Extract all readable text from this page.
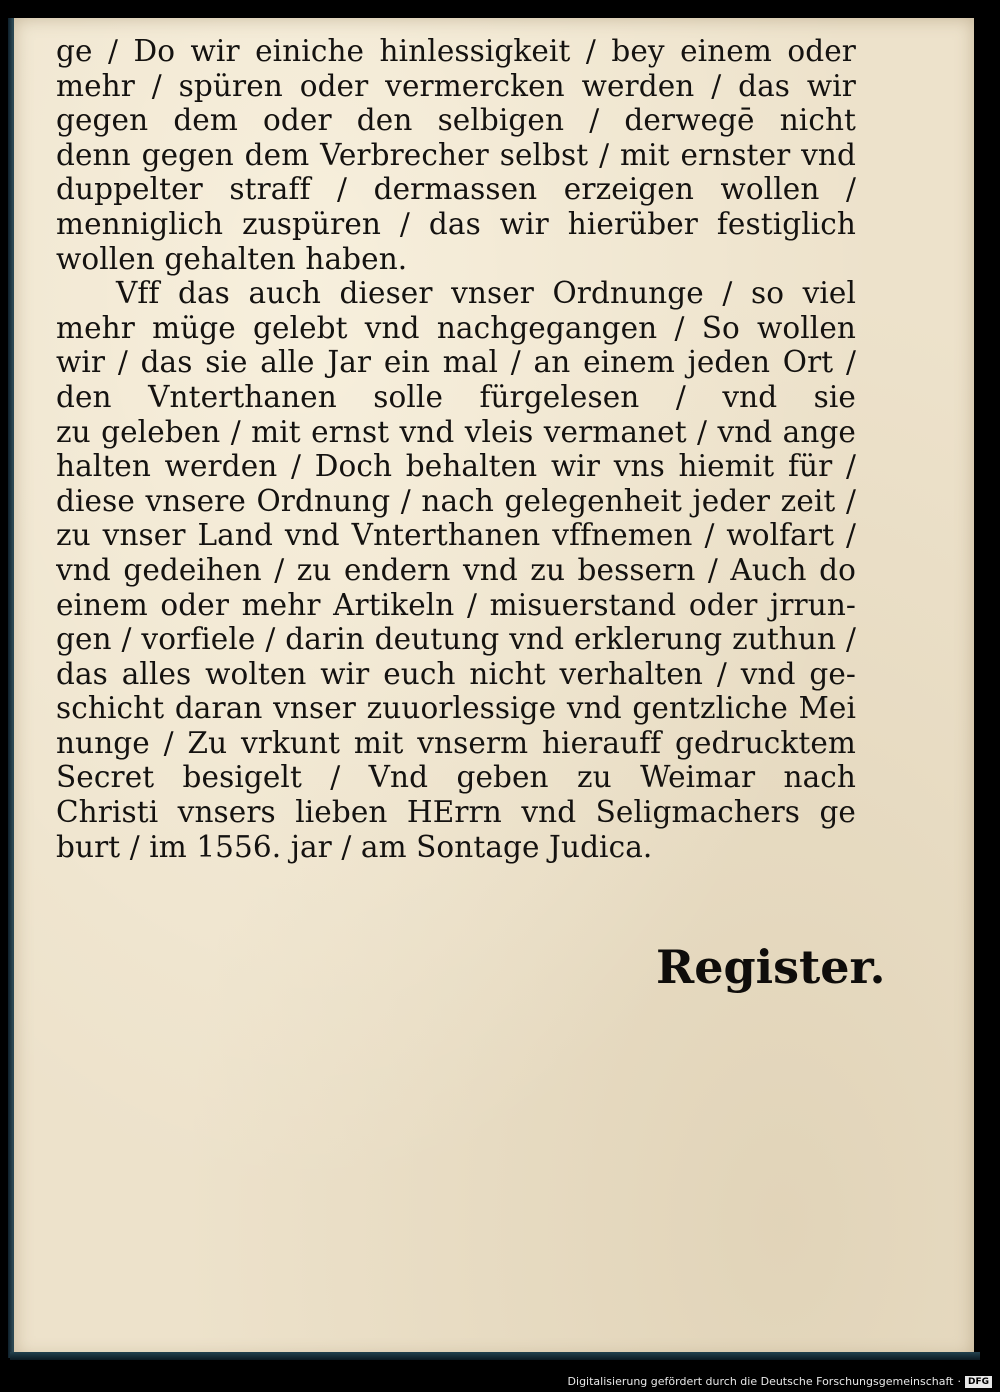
ge / Do wir einiche hinlessigkeit / bey einem oder
mehr / spüren oder vermercken werden / das wir
gegen dem oder den selbigen / derwegē nicht
denn gegen dem Verbrecher selbst / mit ernster vnd
duppelter straff / dermassen erzeigen wollen /
menniglich zuspüren / das wir hierüber festiglich
wollen gehalten haben.
Vff das auch dieser vnser Ordnunge / so viel
mehr müge gelebt vnd nachgegangen / So wollen
wir / das sie alle Jar ein mal / an einem jeden Ort /
den Vnterthanen solle fürgelesen / vnd sie
zu geleben / mit ernst vnd vleis vermanet / vnd ange
halten werden / Doch behalten wir vns hiemit für /
diese vnsere Ordnung / nach gelegenheit jeder zeit /
zu vnser Land vnd Vnterthanen vffnemen / wolfart /
vnd gedeihen / zu endern vnd zu bessern / Auch do
einem oder mehr Artikeln / misuerstand oder jrrun-
gen / vorfiele / darin deutung vnd erklerung zuthun /
das alles wolten wir euch nicht verhalten / vnd ge-
schicht daran vnser zuuorlessige vnd gentzliche Mei
nunge / Zu vrkunt mit vnserm hierauff gedrucktem
Secret besigelt / Vnd geben zu Weimar nach
Christi vnsers lieben HErrn vnd Seligmachers ge
burt / im 1556. jar / am Sontage Judica.
Register.
Digitalisierung gefördert durch die Deutsche Forschungsgemeinschaft · DFG
